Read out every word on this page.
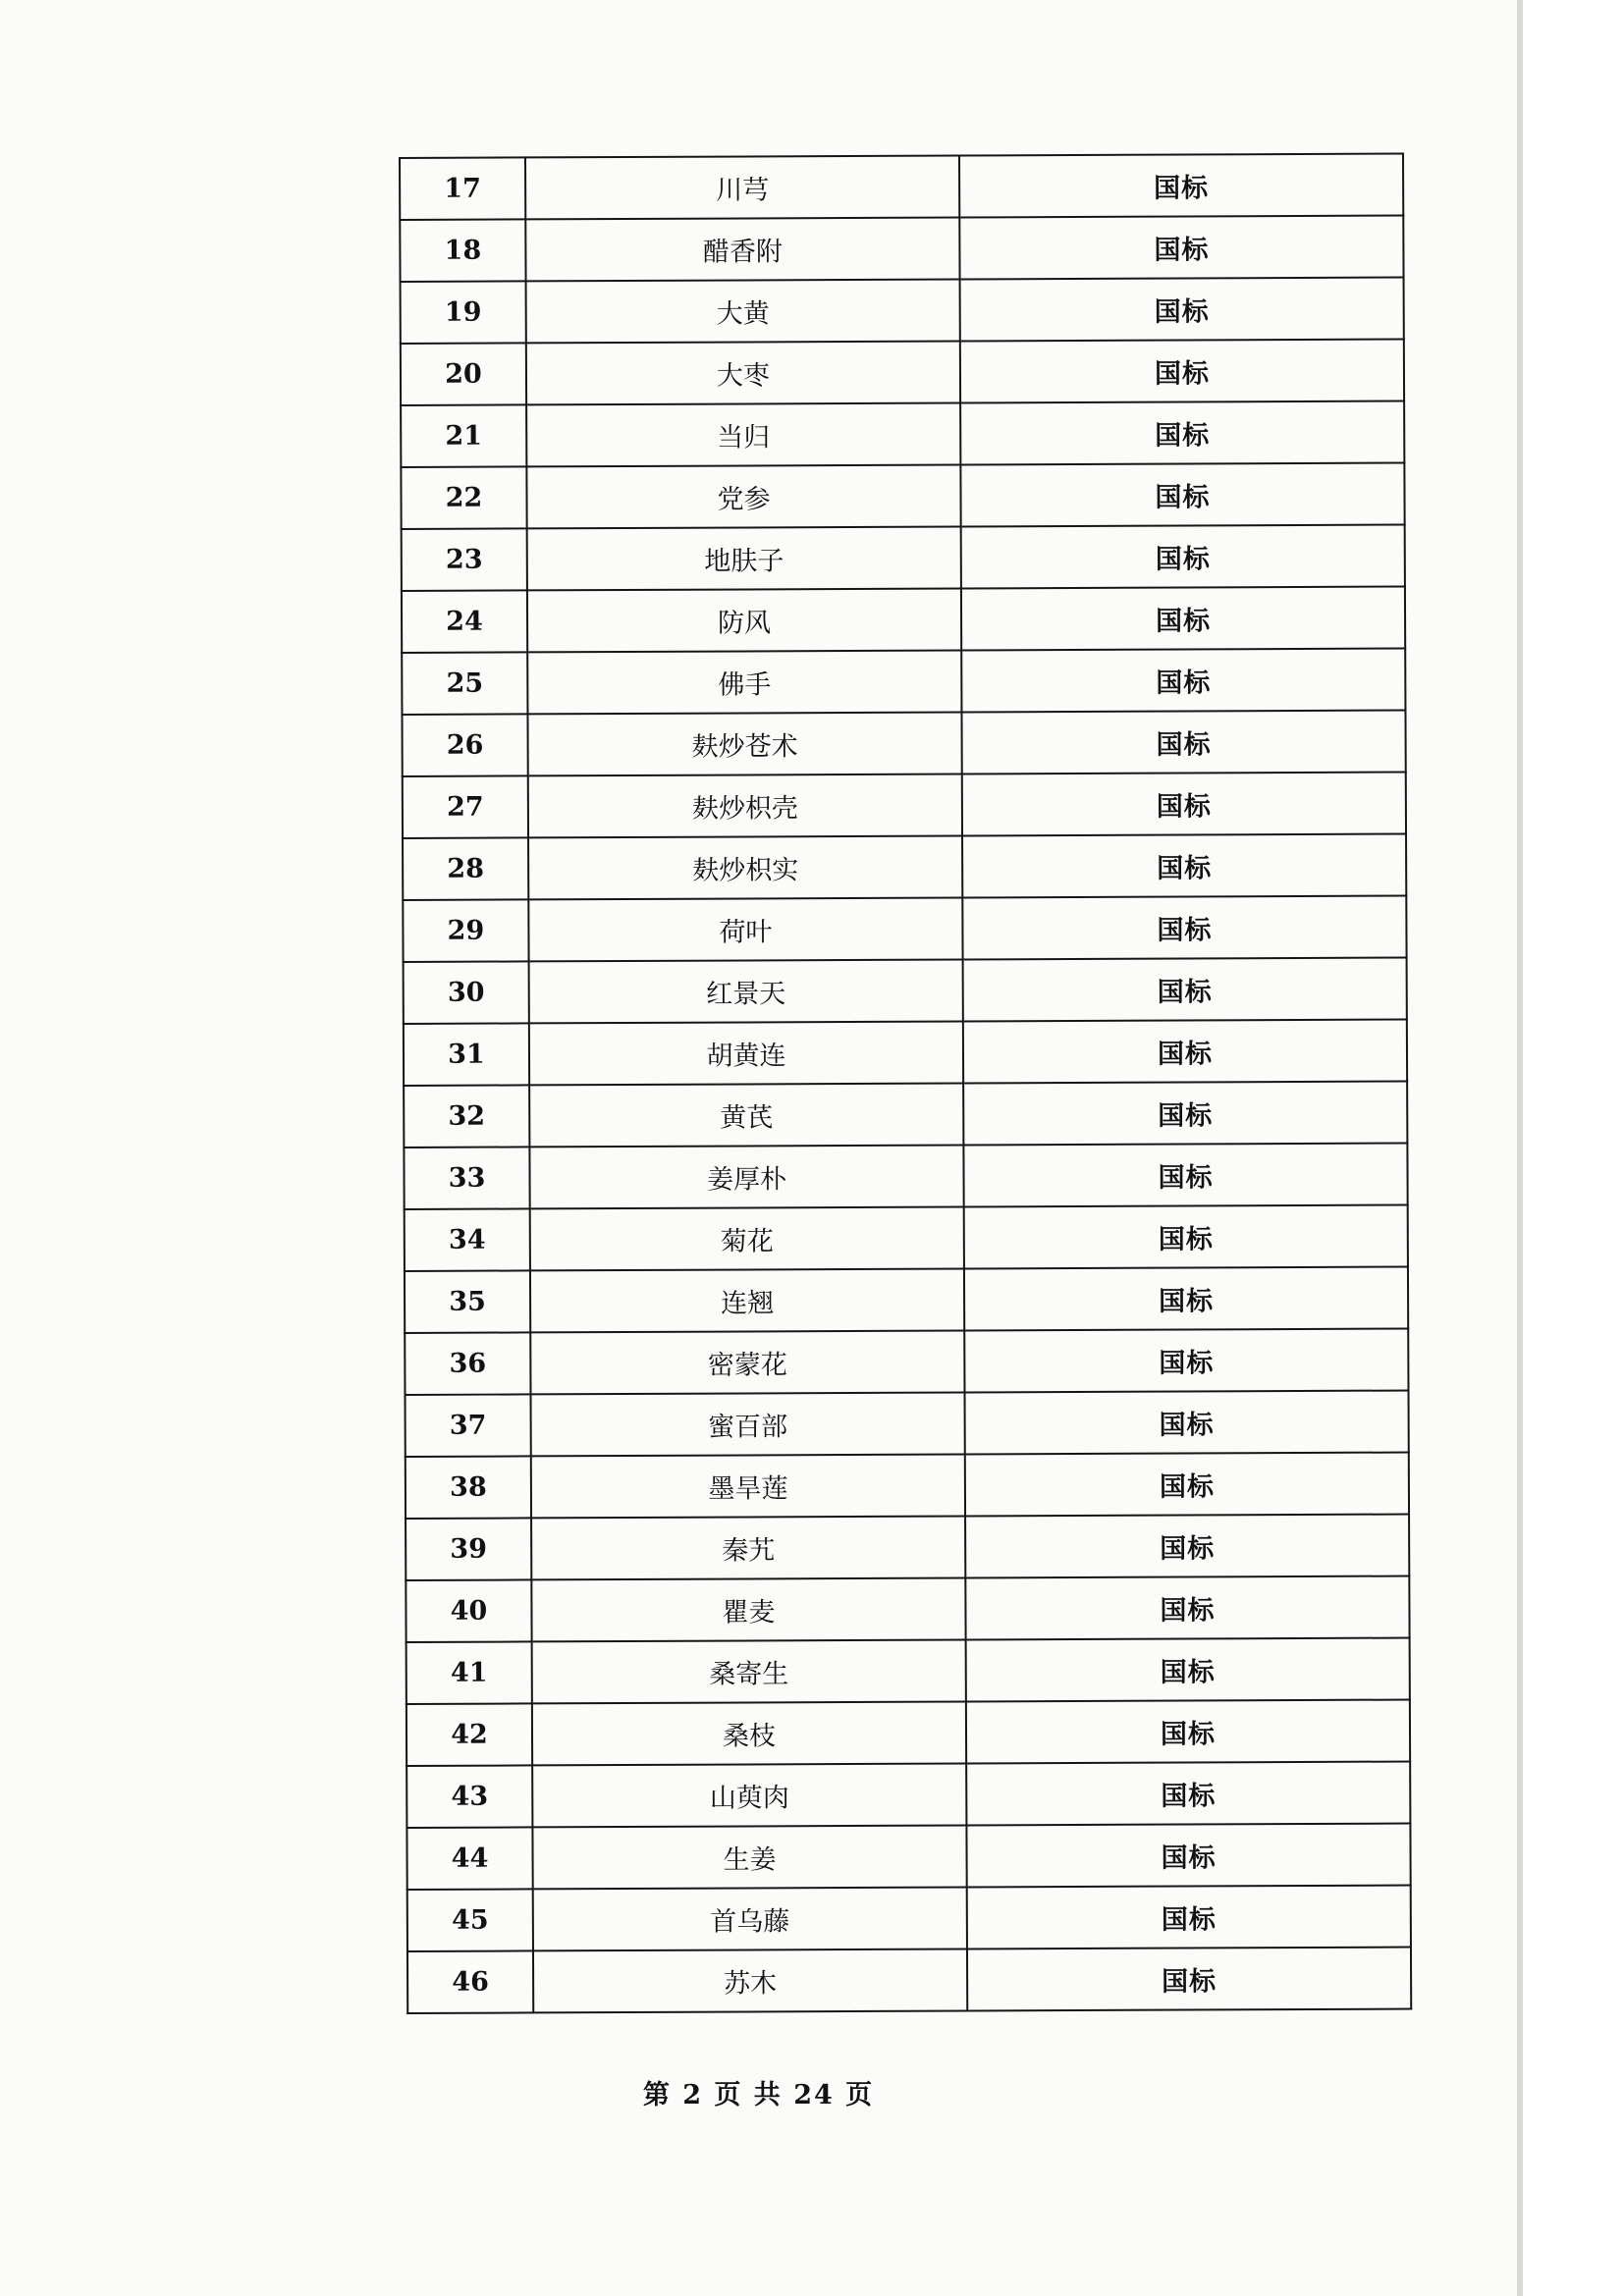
17	川芎	国标
18	醋香附	国标
19	大黄	国标
20	大枣	国标
21	当归	国标
22	党参	国标
23	地肤子	国标
24	防风	国标
25	佛手	国标
26	麸炒苍术	国标
27	麸炒枳壳	国标
28	麸炒枳实	国标
29	荷叶	国标
30	红景天	国标
31	胡黄连	国标
32	黄芪	国标
33	姜厚朴	国标
34	菊花	国标
35	连翘	国标
36	密蒙花	国标
37	蜜百部	国标
38	墨旱莲	国标
39	秦艽	国标
40	瞿麦	国标
41	桑寄生	国标
42	桑枝	国标
43	山萸肉	国标
44	生姜	国标
45	首乌藤	国标
46	苏木	国标
第 2 页 共 24 页
